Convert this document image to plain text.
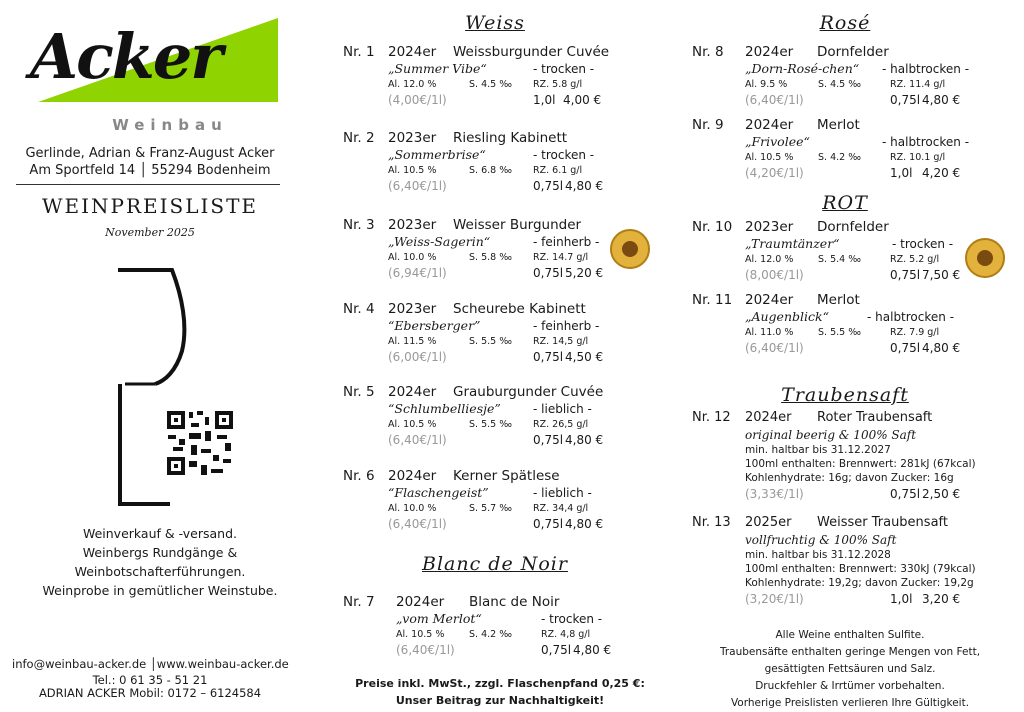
Acker
Weinbau
Gerlinde, Adrian & Franz-August Acker
Am Sportfeld 14 │ 55294 Bodenheim
WEINPREISLISTE
November 2025
Weinverkauf & -versand.
Weinbergs Rundgänge &
Weinbotschafterführungen.
Weinprobe in gemütlicher Weinstube.
info@weinbau-acker.de │www.weinbau-acker.de
Tel.: 0 61 35 - 51 21
ADRIAN ACKER Mobil: 0172 – 6124584
Weiss
Blanc de Noir
Rosé
ROT
Traubensaft
Nr. 1 2024er Weissburgunder Cuvée
„Summer Vibe“	- trocken -
Al. 12.0 %	S. 4.5 ‰ RZ. 5.8 g/l
(4,00€/1l)	1,0l 4,00 €
Nr. 2 2023er Riesling Kabinett
„Sommerbrise“	- trocken -
Al. 10.5 %	S. 6.8 ‰ RZ. 6.1 g/l
(6,40€/1l)	0,75l 4,80 €
Nr. 3 2023er Weisser Burgunder
„Weiss-Sagerin“	- feinherb -
Al. 10.0 %	S. 5.8 ‰ RZ. 14.7 g/l
(6,94€/1l)	0,75l 5,20 €
Nr. 4 2023er Scheurebe Kabinett
“Ebersberger”	- feinherb -
Al. 11.5 %	S. 5.5 ‰ RZ. 14,5 g/l
(6,00€/1l)	0,75l 4,50 €
Nr. 5 2024er Grauburgunder Cuvée
“Schlumbelliesje”	- lieblich -
Al. 10.5 %	S. 5.5 ‰ RZ. 26,5 g/l
(6,40€/1l)	0,75l 4,80 €
Nr. 6 2024er Kerner Spätlese
“Flaschengeist”	- lieblich -
Al. 10.0 %	S. 5.7 ‰ RZ. 34,4 g/l
(6,40€/1l)	0,75l 4,80 €
Nr. 7 2024er Blanc de Noir
„vom Merlot“	- trocken -
Al. 10.5 %	S. 4.2 ‰	RZ. 4,8 g/l
(6,40€/1l)	0,75l 4,80 €
Preise inkl. MwSt., zzgl. Flaschenpfand 0,25 €:
Unser Beitrag zur Nachhaltigkeit!
Nr. 8 2024er Dornfelder
„Dorn-Rosé-chen“ - halbtrocken -
Al. 9.5 %	S. 4.5 ‰	RZ. 11.4 g/l
(6,40€/1l)	0,75l 4,80 €
Nr. 9 2024er Merlot
„Frivolee“	- halbtrocken -
Al. 10.5 %	S. 4.2 ‰	RZ. 10.1 g/l
(4,20€/1l)	1,0l 4,20 €
Nr. 10 2023er Dornfelder
„Traumtänzer“	- trocken -
Al. 12.0 %	S. 5.4 ‰	RZ. 5.2 g/l
(8,00€/1l)	0,75l 7,50 €
Nr. 11 2024er Merlot
„Augenblick“	- halbtrocken -
Al. 11.0 %	S. 5.5 ‰	RZ. 7.9 g/l
(6,40€/1l)	0,75l 4,80 €
Nr. 12 2024er Roter Traubensaft
original beerig & 100% Saft
min. haltbar bis 31.12.2027
100ml enthalten: Brennwert: 281kJ (67kcal)
Kohlenhydrate: 16g; davon Zucker: 16g
(3,33€/1l)	0,75l 2,50 €
Nr. 13 2025er Weisser Traubensaft
vollfruchtig & 100% Saft
min. haltbar bis 31.12.2028
100ml enthalten: Brennwert: 330kJ (79kcal)
Kohlenhydrate: 19,2g; davon Zucker: 19,2g
(3,20€/1l)	1,0l 3,20 €
Alle Weine enthalten Sulfite.
Traubensäfte enthalten geringe Mengen von Fett,
gesättigten Fettsäuren und Salz.
Druckfehler & Irrtümer vorbehalten.
Vorherige Preislisten verlieren Ihre Gültigkeit.
